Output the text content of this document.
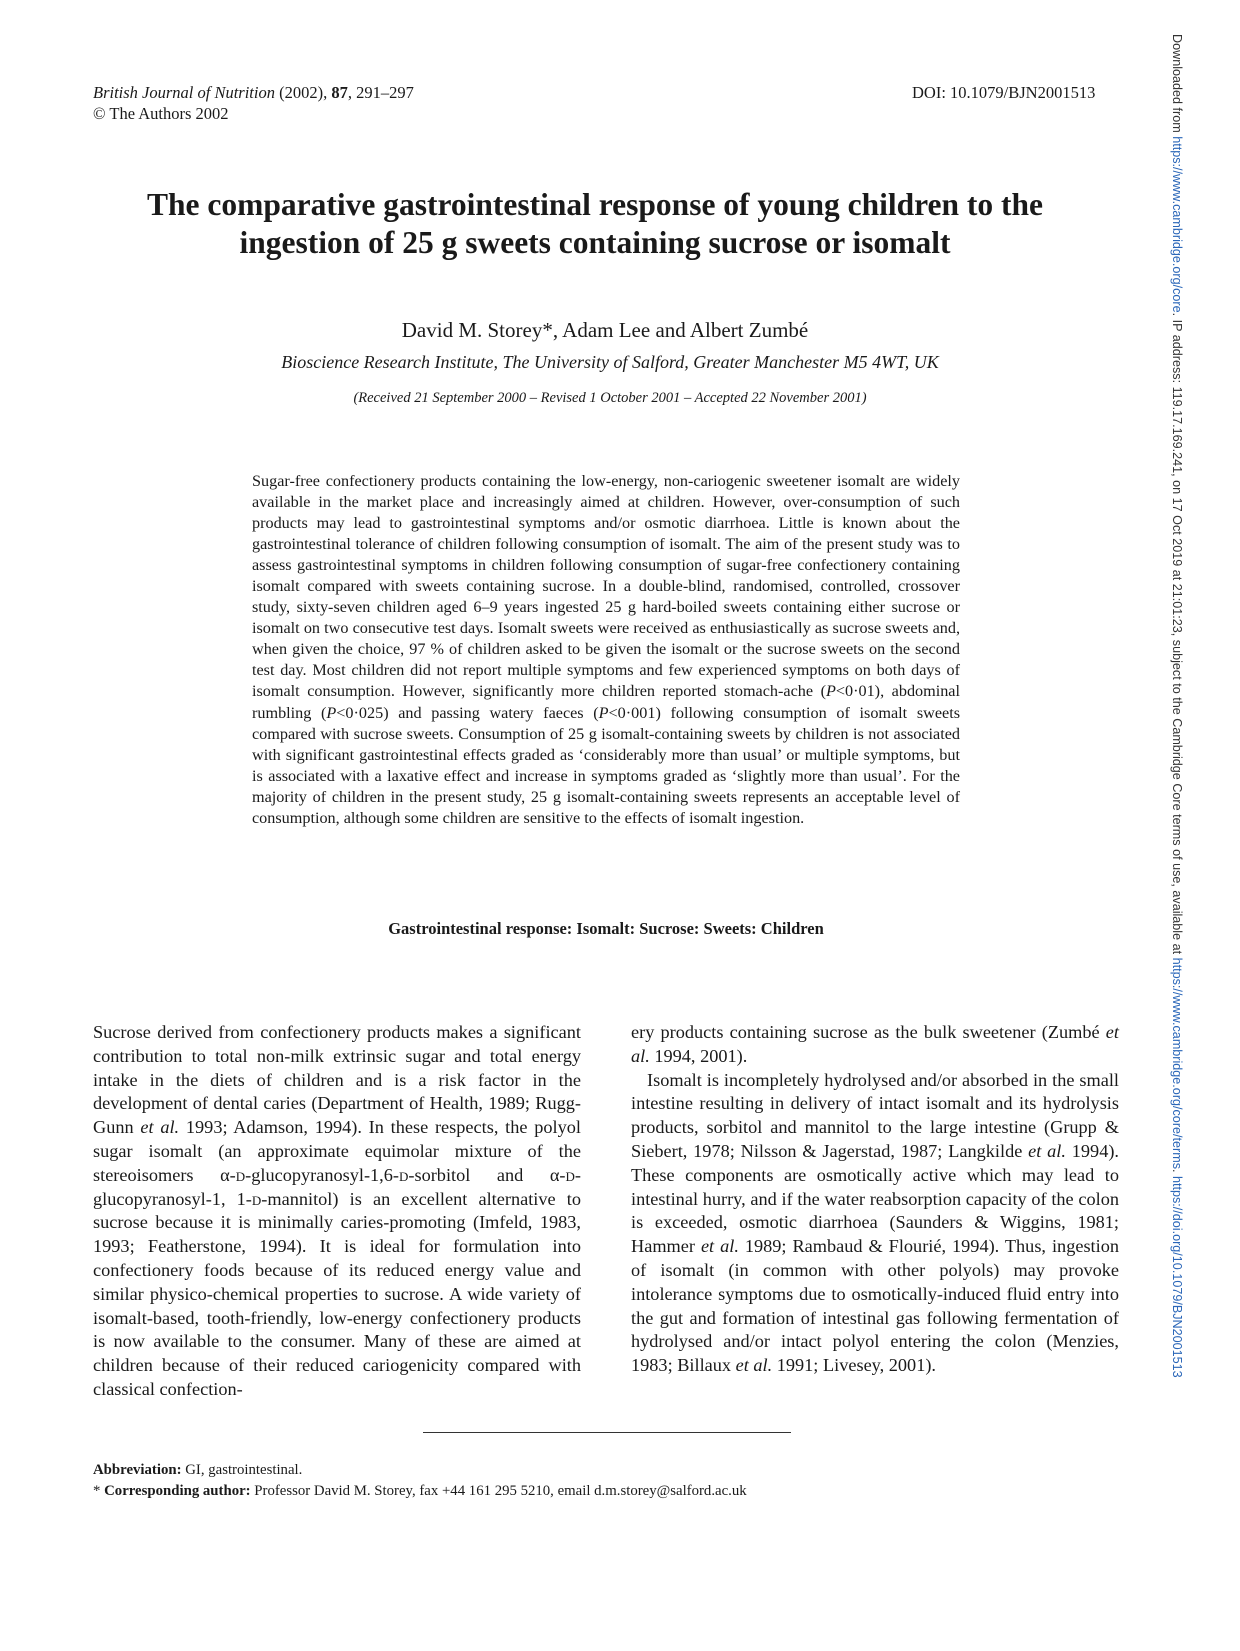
British Journal of Nutrition (2002), 87, 291–297
© The Authors 2002
DOI: 10.1079/BJN2001513
The comparative gastrointestinal response of young children to the
ingestion of 25 g sweets containing sucrose or isomalt
David M. Storey*, Adam Lee and Albert Zumbé
Bioscience Research Institute, The University of Salford, Greater Manchester M5 4WT, UK
(Received 21 September 2000 – Revised 1 October 2001 – Accepted 22 November 2001)
Sugar-free confectionery products containing the low-energy, non-cariogenic sweetener isomalt are widely available in the market place and increasingly aimed at children. However, over-consumption of such products may lead to gastrointestinal symptoms and/or osmotic diarrhoea. Little is known about the gastrointestinal tolerance of children following consumption of isomalt. The aim of the present study was to assess gastrointestinal symptoms in children following consumption of sugar-free confectionery containing isomalt compared with sweets containing sucrose. In a double-blind, randomised, controlled, crossover study, sixty-seven children aged 6–9 years ingested 25 g hard-boiled sweets containing either sucrose or isomalt on two consecutive test days. Isomalt sweets were received as enthusiastically as sucrose sweets and, when given the choice, 97 % of children asked to be given the isomalt or the sucrose sweets on the second test day. Most children did not report multiple symptoms and few experienced symptoms on both days of isomalt consumption. However, significantly more children reported stomach-ache (P<0·01), abdominal rumbling (P<0·025) and passing watery faeces (P<0·001) following consumption of isomalt sweets compared with sucrose sweets. Consumption of 25 g isomalt-containing sweets by children is not associated with significant gastrointestinal effects graded as ‘considerably more than usual’ or multiple symptoms, but is associated with a laxative effect and increase in symptoms graded as ‘slightly more than usual’. For the majority of children in the present study, 25 g isomalt-containing sweets represents an acceptable level of consumption, although some children are sensitive to the effects of isomalt ingestion.
Gastrointestinal response: Isomalt: Sucrose: Sweets: Children

Sucrose derived from confectionery products makes a significant contribution to total non-milk extrinsic sugar and total energy intake in the diets of children and is a risk factor in the development of dental caries (Department of Health, 1989; Rugg-Gunn et al. 1993; Adamson, 1994). In these respects, the polyol sugar isomalt (an approximate equimolar mixture of the stereoisomers α-d-glucopyranosyl-1,6-d-sorbitol and α-d-glucopyranosyl-1, 1-d-mannitol) is an excellent alternative to sucrose because it is minimally caries-promoting (Imfeld, 1983, 1993; Featherstone, 1994). It is ideal for formulation into confectionery foods because of its reduced energy value and similar physico-chemical properties to sucrose. A wide variety of isomalt-based, tooth-friendly, low-energy confectionery products is now available to the consumer. Many of these are aimed at children because of their reduced cariogenicity compared with classical confection-

ery products containing sucrose as the bulk sweetener (Zumbé et al. 1994, 2001).

Isomalt is incompletely hydrolysed and/or absorbed in the small intestine resulting in delivery of intact isomalt and its hydrolysis products, sorbitol and mannitol to the large intestine (Grupp & Siebert, 1978; Nilsson & Jagerstad, 1987; Langkilde et al. 1994). These components are osmotically active which may lead to intestinal hurry, and if the water reabsorption capacity of the colon is exceeded, osmotic diarrhoea (Saunders & Wiggins, 1981; Hammer et al. 1989; Rambaud & Flourié, 1994). Thus, ingestion of isomalt (in common with other polyols) may provoke intolerance symptoms due to osmotically-induced fluid entry into the gut and formation of intestinal gas following fermentation of hydrolysed and/or intact polyol entering the colon (Menzies, 1983; Billaux et al. 1991; Livesey, 2001).

Abbreviation: GI, gastrointestinal.
* Corresponding author: Professor David M. Storey, fax +44 161 295 5210, email d.m.storey@salford.ac.uk
Downloaded from https://www.cambridge.org/core. IP address: 119.17.169.241, on 17 Oct 2019 at 21:01:23, subject to the Cambridge Core terms of use, available at https://www.cambridge.org/core/terms. https://doi.org/10.1079/BJN2001513
